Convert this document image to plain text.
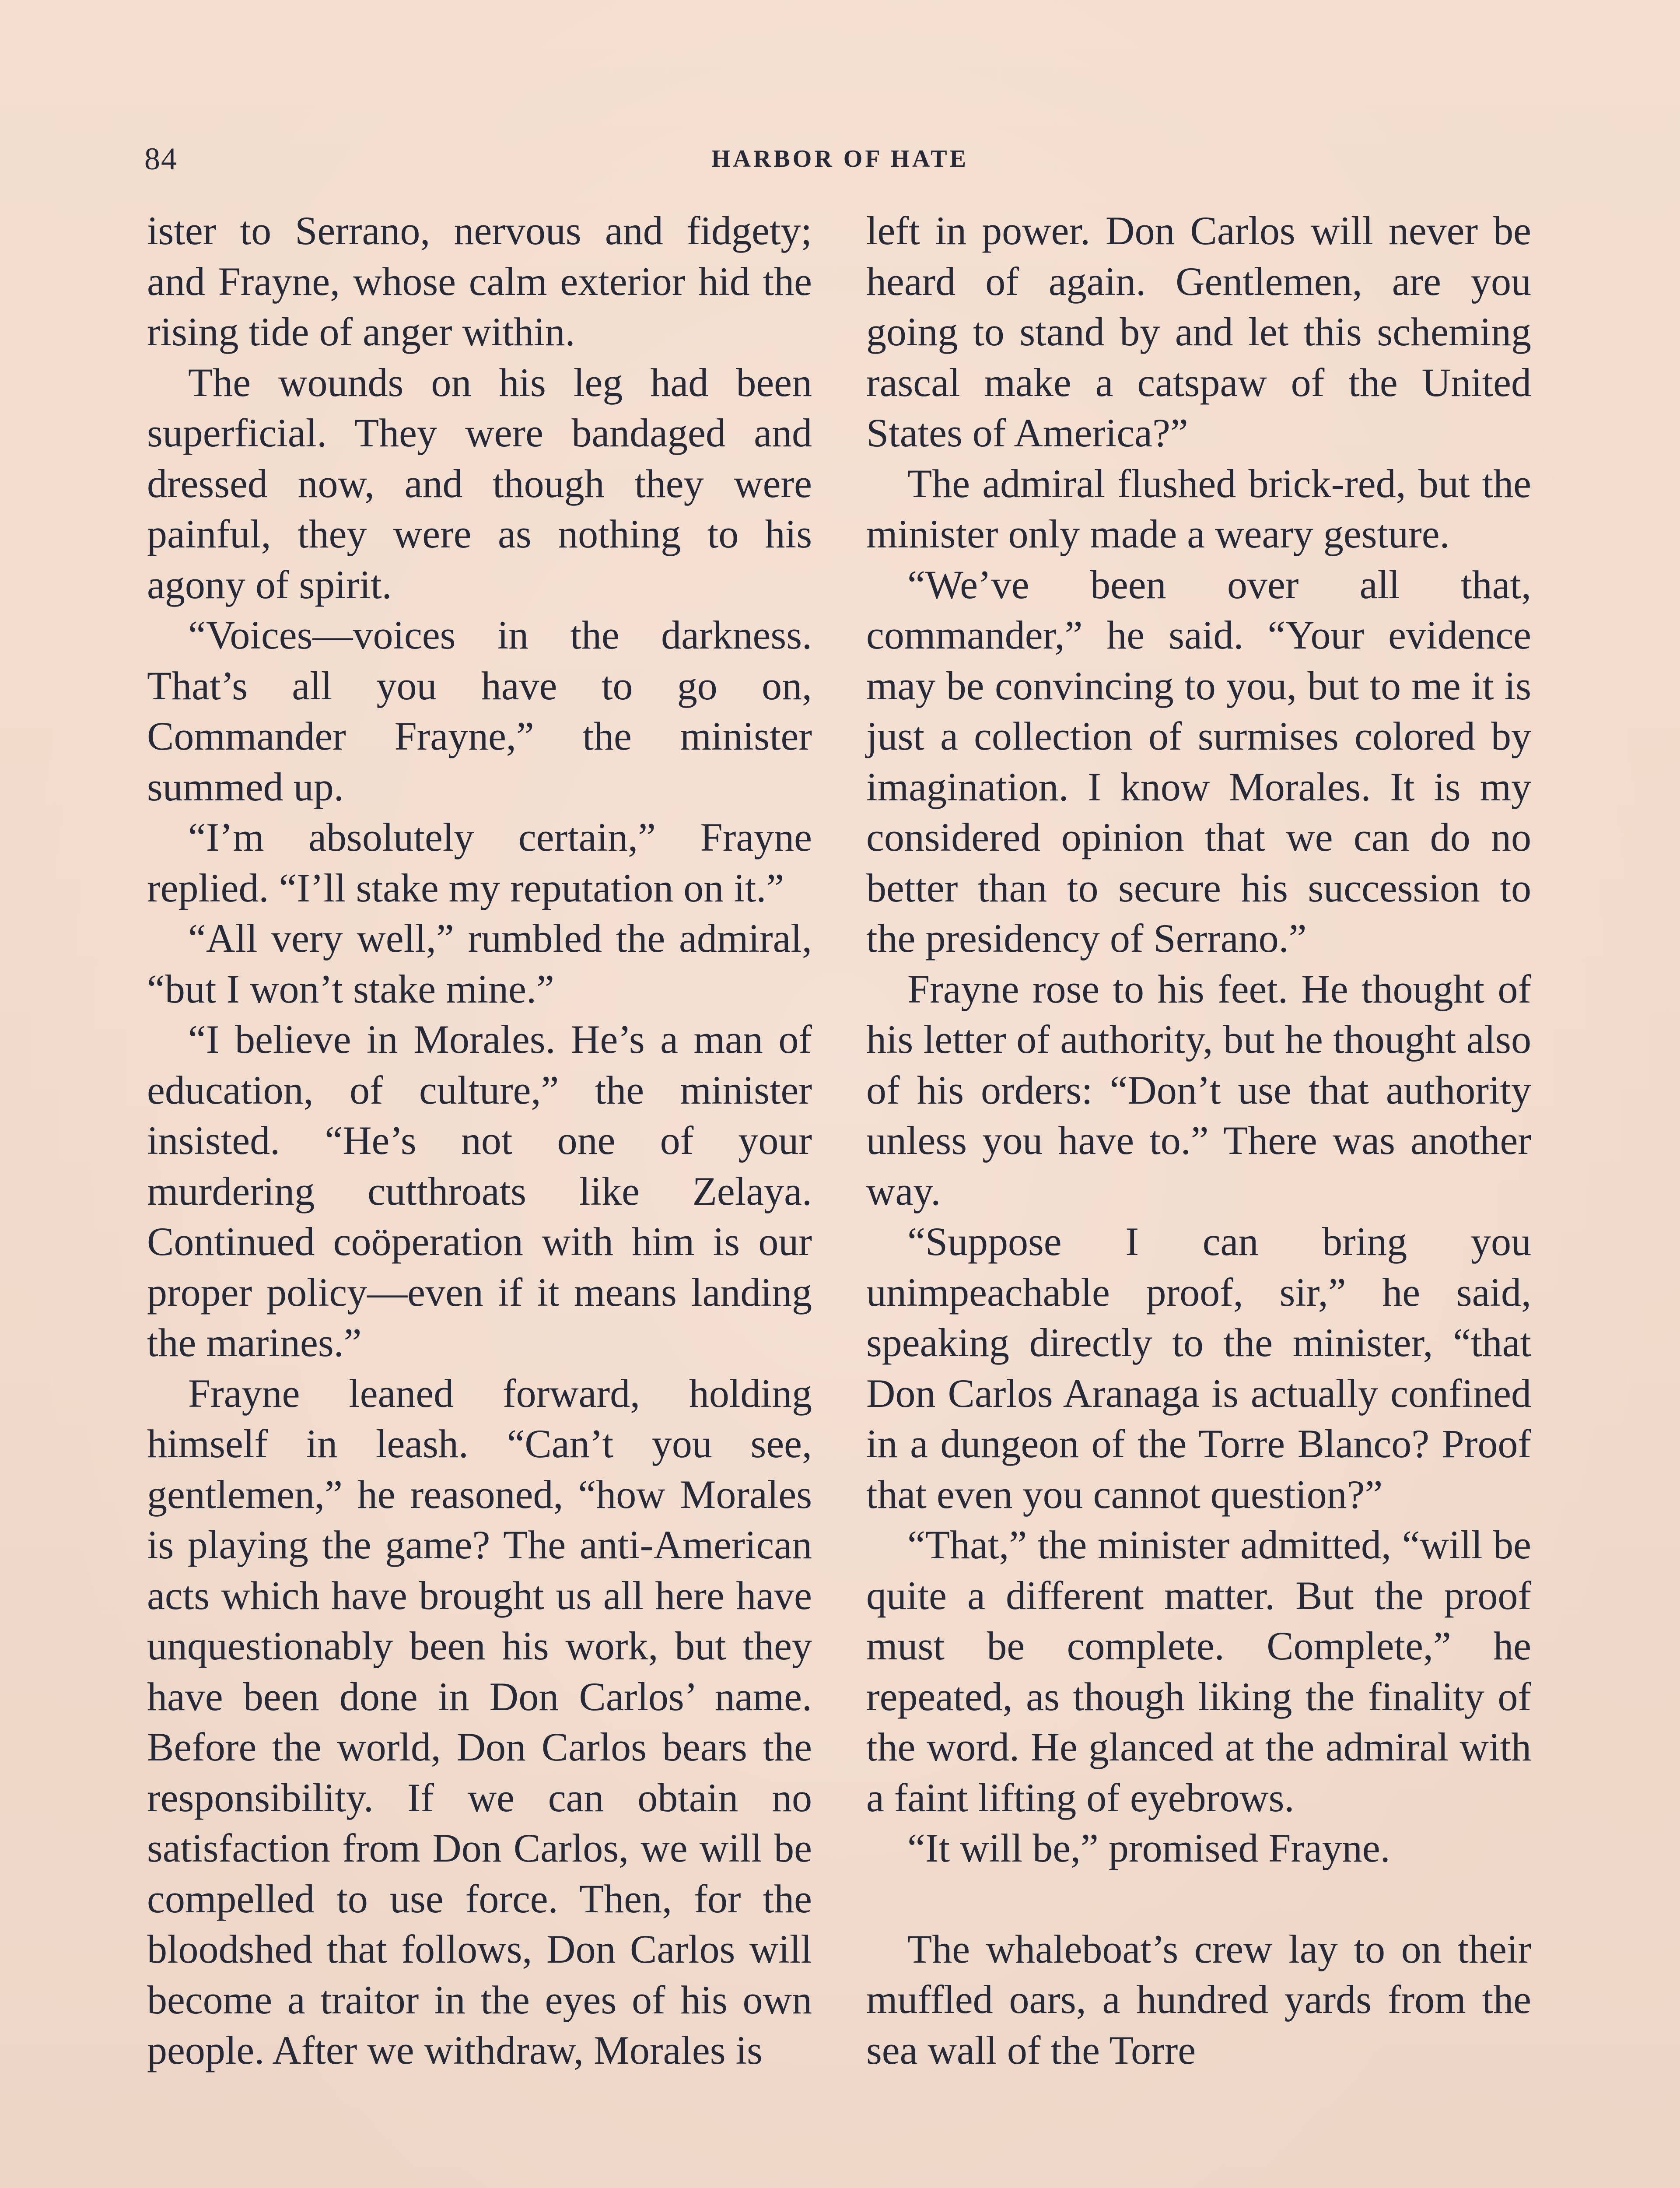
84	HARBOR OF HATE

ister to Serrano, nervous and fidgety; and Frayne, whose calm exterior hid the rising tide of anger within.

The wounds on his leg had been superficial. They were bandaged and dressed now, and though they were painful, they were as nothing to his agony of spirit.

“Voices—voices in the darkness. That’s all you have to go on, Commander Frayne,” the minister summed up.

“I’m absolutely certain,” Frayne replied. “I’ll stake my reputation on it.”

“All very well,” rumbled the admiral, “but I won’t stake mine.”

“I believe in Morales. He’s a man of education, of culture,” the minister insisted. “He’s not one of your murdering cutthroats like Zelaya. Continued coöperation with him is our proper policy—even if it means landing the marines.”

Frayne leaned forward, holding himself in leash. “Can’t you see, gentlemen,” he reasoned, “how Morales is playing the game? The anti-American acts which have brought us all here have unquestionably been his work, but they have been done in Don Carlos’ name. Before the world, Don Carlos bears the responsibility. If we can obtain no satisfaction from Don Carlos, we will be compelled to use force. Then, for the bloodshed that follows, Don Carlos will become a traitor in the eyes of his own people. After we withdraw, Morales is

left in power. Don Carlos will never be heard of again. Gentlemen, are you going to stand by and let this scheming rascal make a catspaw of the United States of America?”

The admiral flushed brick-red, but the minister only made a weary gesture.

“We’ve been over all that, commander,” he said. “Your evidence may be convincing to you, but to me it is just a collection of surmises colored by imagination. I know Morales. It is my considered opinion that we can do no better than to secure his succession to the presidency of Serrano.”

Frayne rose to his feet. He thought of his letter of authority, but he thought also of his orders: “Don’t use that authority unless you have to.” There was another way.

“Suppose I can bring you unimpeachable proof, sir,” he said, speaking directly to the minister, “that Don Carlos Aranaga is actually confined in a dungeon of the Torre Blanco? Proof that even you cannot question?”

“That,” the minister admitted, “will be quite a different matter. But the proof must be complete. Complete,” he repeated, as though liking the finality of the word. He glanced at the admiral with a faint lifting of eyebrows.

“It will be,” promised Frayne.

The whaleboat’s crew lay to on their muffled oars, a hundred yards from the sea wall of the Torre
